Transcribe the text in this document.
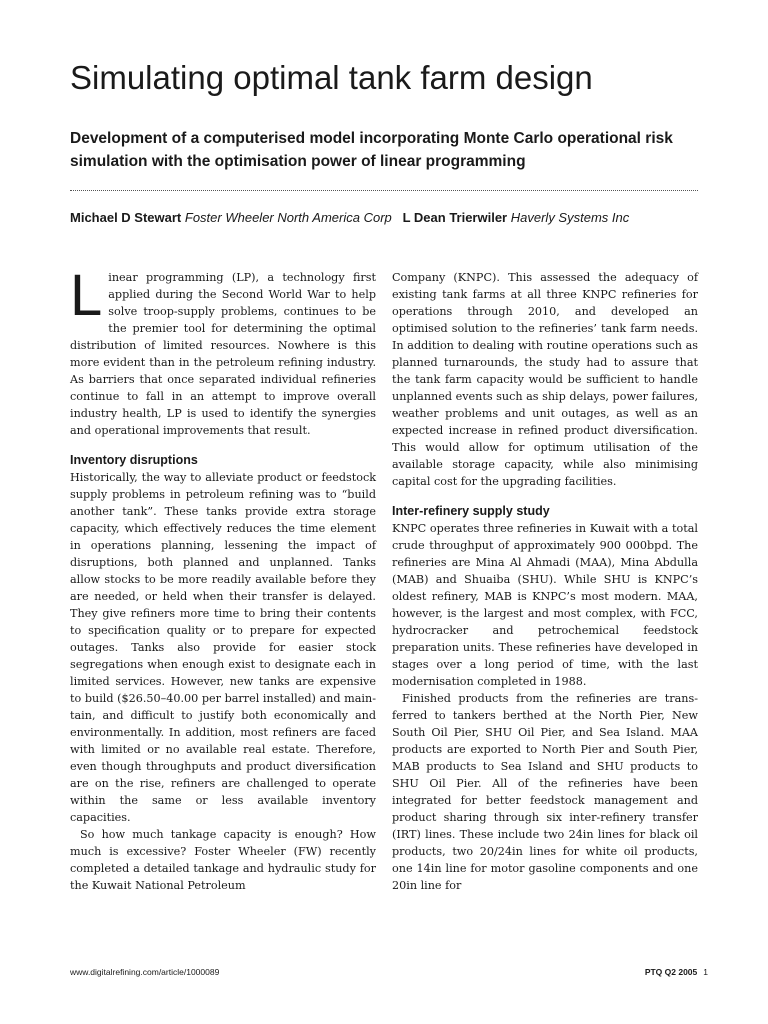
Simulating optimal tank farm design
Development of a computerised model incorporating Monte Carlo operational risk simulation with the optimisation power of linear programming
Michael D Stewart Foster Wheeler North America Corp L Dean Trierwiler Haverly Systems Inc

Linear programming (LP), a technology first applied during the Second World War to help solve troop-supply problems, continues to be the premier tool for determining the optimal distribution of limited resources. Nowhere is this more evident than in the petroleum refining industry. As barriers that once separated individual refineries continue to fall in an attempt to improve overall industry health, LP is used to identify the synergies and operational improvements that result.

Inventory disruptions

Historically, the way to alleviate product or feedstock supply problems in petroleum refining was to “build another tank”. These tanks provide extra storage capacity, which effectively reduces the time element in operations planning, lessening the impact of disruptions, both planned and unplanned. Tanks allow stocks to be more readily available before they are needed, or held when their transfer is delayed. They give refiners more time to bring their contents to specification quality or to prepare for expected outages. Tanks also provide for easier stock segregations when enough exist to designate each in limited services. However, new tanks are expensive to build ($26.50–40.00 per barrel installed) and maintain, and difficult to justify both economically and environmentally. In addition, most refiners are faced with limited or no available real estate. Therefore, even though throughputs and product diversification are on the rise, refiners are challenged to operate within the same or less available inventory capacities.

So how much tankage capacity is enough? How much is excessive? Foster Wheeler (FW) recently completed a detailed tankage and hydraulic study for the Kuwait National Petroleum

Company (KNPC). This assessed the adequacy of existing tank farms at all three KNPC refineries for operations through 2010, and developed an optimised solution to the refineries’ tank farm needs. In addition to dealing with routine operations such as planned turnarounds, the study had to assure that the tank farm capacity would be sufficient to handle unplanned events such as ship delays, power failures, weather problems and unit outages, as well as an expected increase in refined product diversification. This would allow for optimum utilisation of the available storage capacity, while also minimising capital cost for the upgrading facilities.

Inter-refinery supply study

KNPC operates three refineries in Kuwait with a total crude throughput of approximately 900 000bpd. The refineries are Mina Al Ahmadi (MAA), Mina Abdulla (MAB) and Shuaiba (SHU). While SHU is KNPC’s oldest refinery, MAB is KNPC’s most modern. MAA, however, is the largest and most complex, with FCC, hydrocracker and petrochemical feedstock preparation units. These refineries have developed in stages over a long period of time, with the last modernisation completed in 1988.

Finished products from the refineries are transferred to tankers berthed at the North Pier, New South Oil Pier, SHU Oil Pier, and Sea Island. MAA products are exported to North Pier and South Pier, MAB products to Sea Island and SHU products to SHU Oil Pier. All of the refineries have been integrated for better feedstock management and product sharing through six inter-refinery transfer (IRT) lines. These include two 24in lines for black oil products, two 20/24in lines for white oil products, one 14in line for motor gasoline components and one 20in line for

www.digitalrefining.com/article/1000089	PTQ Q2 2005 1
